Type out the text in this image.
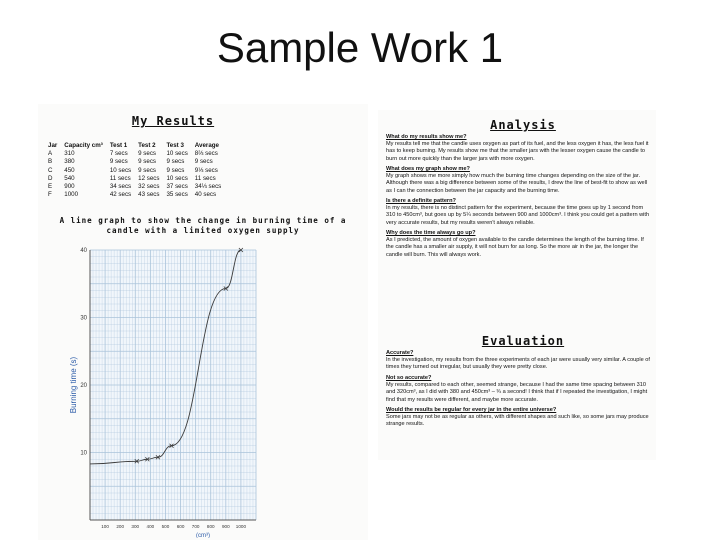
Sample Work 1
My Results
Jar	Capacity cm³	Test 1	Test 2	Test 3	Average
A	310	7 secs	9 secs	10 secs	8⅔ secs
B	380	9 secs	9 secs	9 secs	9 secs
C	450	10 secs	9 secs	9 secs	9⅓ secs
D	540	11 secs	12 secs	10 secs	11 secs
E	900	34 secs	32 secs	37 secs	34⅓ secs
F	1000	42 secs	43 secs	35 secs	40 secs
A line graph to show the change in burning time of a candle with a limited oxygen supply
10
20
30
40
100 200 300 400 500 600 700 800 900 1000
Burning time (s)
(cm³)
Analysis
What do my results show me?
My results tell me that the candle uses oxygen as part of its fuel, and the less oxygen it has, the less fuel it has to keep burning. My results show me that the smaller jars with the lesser oxygen cause the candle to burn out more quickly than the larger jars with more oxygen.
What does my graph show me?
My graph shows me more simply how much the burning time changes depending on the size of the jar. Although there was a big difference between some of the results, I drew the line of best-fit to show as well as I can the connection between the jar capacity and the burning time.
Is there a definite pattern?
In my results, there is no distinct pattern for the experiment, because the time goes up by 1 second from 310 to 450cm³, but goes up by 5¼ seconds between 900 and 1000cm³. I think you could get a pattern with very accurate results, but my results weren't always reliable.
Why does the time always go up?
As I predicted, the amount of oxygen available to the candle determines the length of the burning time. If the candle has a smaller air supply, it will not burn for as long. So the more air in the jar, the longer the candle will burn. This will always work.
Evaluation
Accurate?
In the investigation, my results from the three experiments of each jar were usually very similar. A couple of times they turned out irregular, but usually they were pretty close.
Not so accurate?
My results, compared to each other, seemed strange, because I had the same time spacing between 310 and 320cm³, as I did with 380 and 450cm³ – ¾ a second! I think that if I repeated the investigation, I might find that my results were different, and maybe more accurate.
Would the results be regular for every jar in the entire universe?
Some jars may not be as regular as others, with different shapes and such like, so some jars may produce strange results.
